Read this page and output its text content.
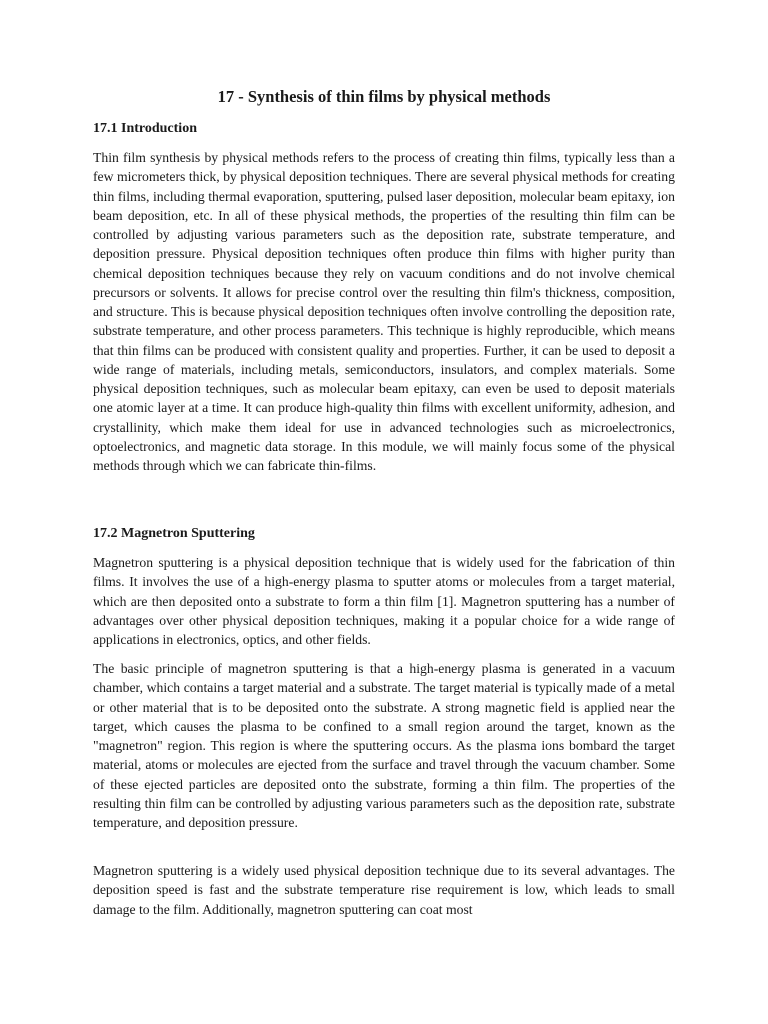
17 - Synthesis of thin films by physical methods
17.1 Introduction

Thin film synthesis by physical methods refers to the process of creating thin films, typically less than a few micrometers thick, by physical deposition techniques. There are several physical methods for creating thin films, including thermal evaporation, sputtering, pulsed laser deposition, molecular beam epitaxy, ion beam deposition, etc. In all of these physical methods, the properties of the resulting thin film can be controlled by adjusting various parameters such as the deposition rate, substrate temperature, and deposition pressure. Physical deposition techniques often produce thin films with higher purity than chemical deposition techniques because they rely on vacuum conditions and do not involve chemical precursors or solvents. It allows for precise control over the resulting thin film's thickness, composition, and structure. This is because physical deposition techniques often involve controlling the deposition rate, substrate temperature, and other process parameters. This technique is highly reproducible, which means that thin films can be produced with consistent quality and properties. Further, it can be used to deposit a wide range of materials, including metals, semiconductors, insulators, and complex materials. Some physical deposition techniques, such as molecular beam epitaxy, can even be used to deposit materials one atomic layer at a time. It can produce high-quality thin films with excellent uniformity, adhesion, and crystallinity, which make them ideal for use in advanced technologies such as microelectronics, optoelectronics, and magnetic data storage. In this module, we will mainly focus some of the physical methods through which we can fabricate thin-films.

17.2 Magnetron Sputtering

Magnetron sputtering is a physical deposition technique that is widely used for the fabrication of thin films. It involves the use of a high-energy plasma to sputter atoms or molecules from a target material, which are then deposited onto a substrate to form a thin film [1]. Magnetron sputtering has a number of advantages over other physical deposition techniques, making it a popular choice for a wide range of applications in electronics, optics, and other fields.

The basic principle of magnetron sputtering is that a high-energy plasma is generated in a vacuum chamber, which contains a target material and a substrate. The target material is typically made of a metal or other material that is to be deposited onto the substrate. A strong magnetic field is applied near the target, which causes the plasma to be confined to a small region around the target, known as the "magnetron" region. This region is where the sputtering occurs. As the plasma ions bombard the target material, atoms or molecules are ejected from the surface and travel through the vacuum chamber. Some of these ejected particles are deposited onto the substrate, forming a thin film. The properties of the resulting thin film can be controlled by adjusting various parameters such as the deposition rate, substrate temperature, and deposition pressure.

Magnetron sputtering is a widely used physical deposition technique due to its several advantages. The deposition speed is fast and the substrate temperature rise requirement is low, which leads to small damage to the film. Additionally, magnetron sputtering can coat most
